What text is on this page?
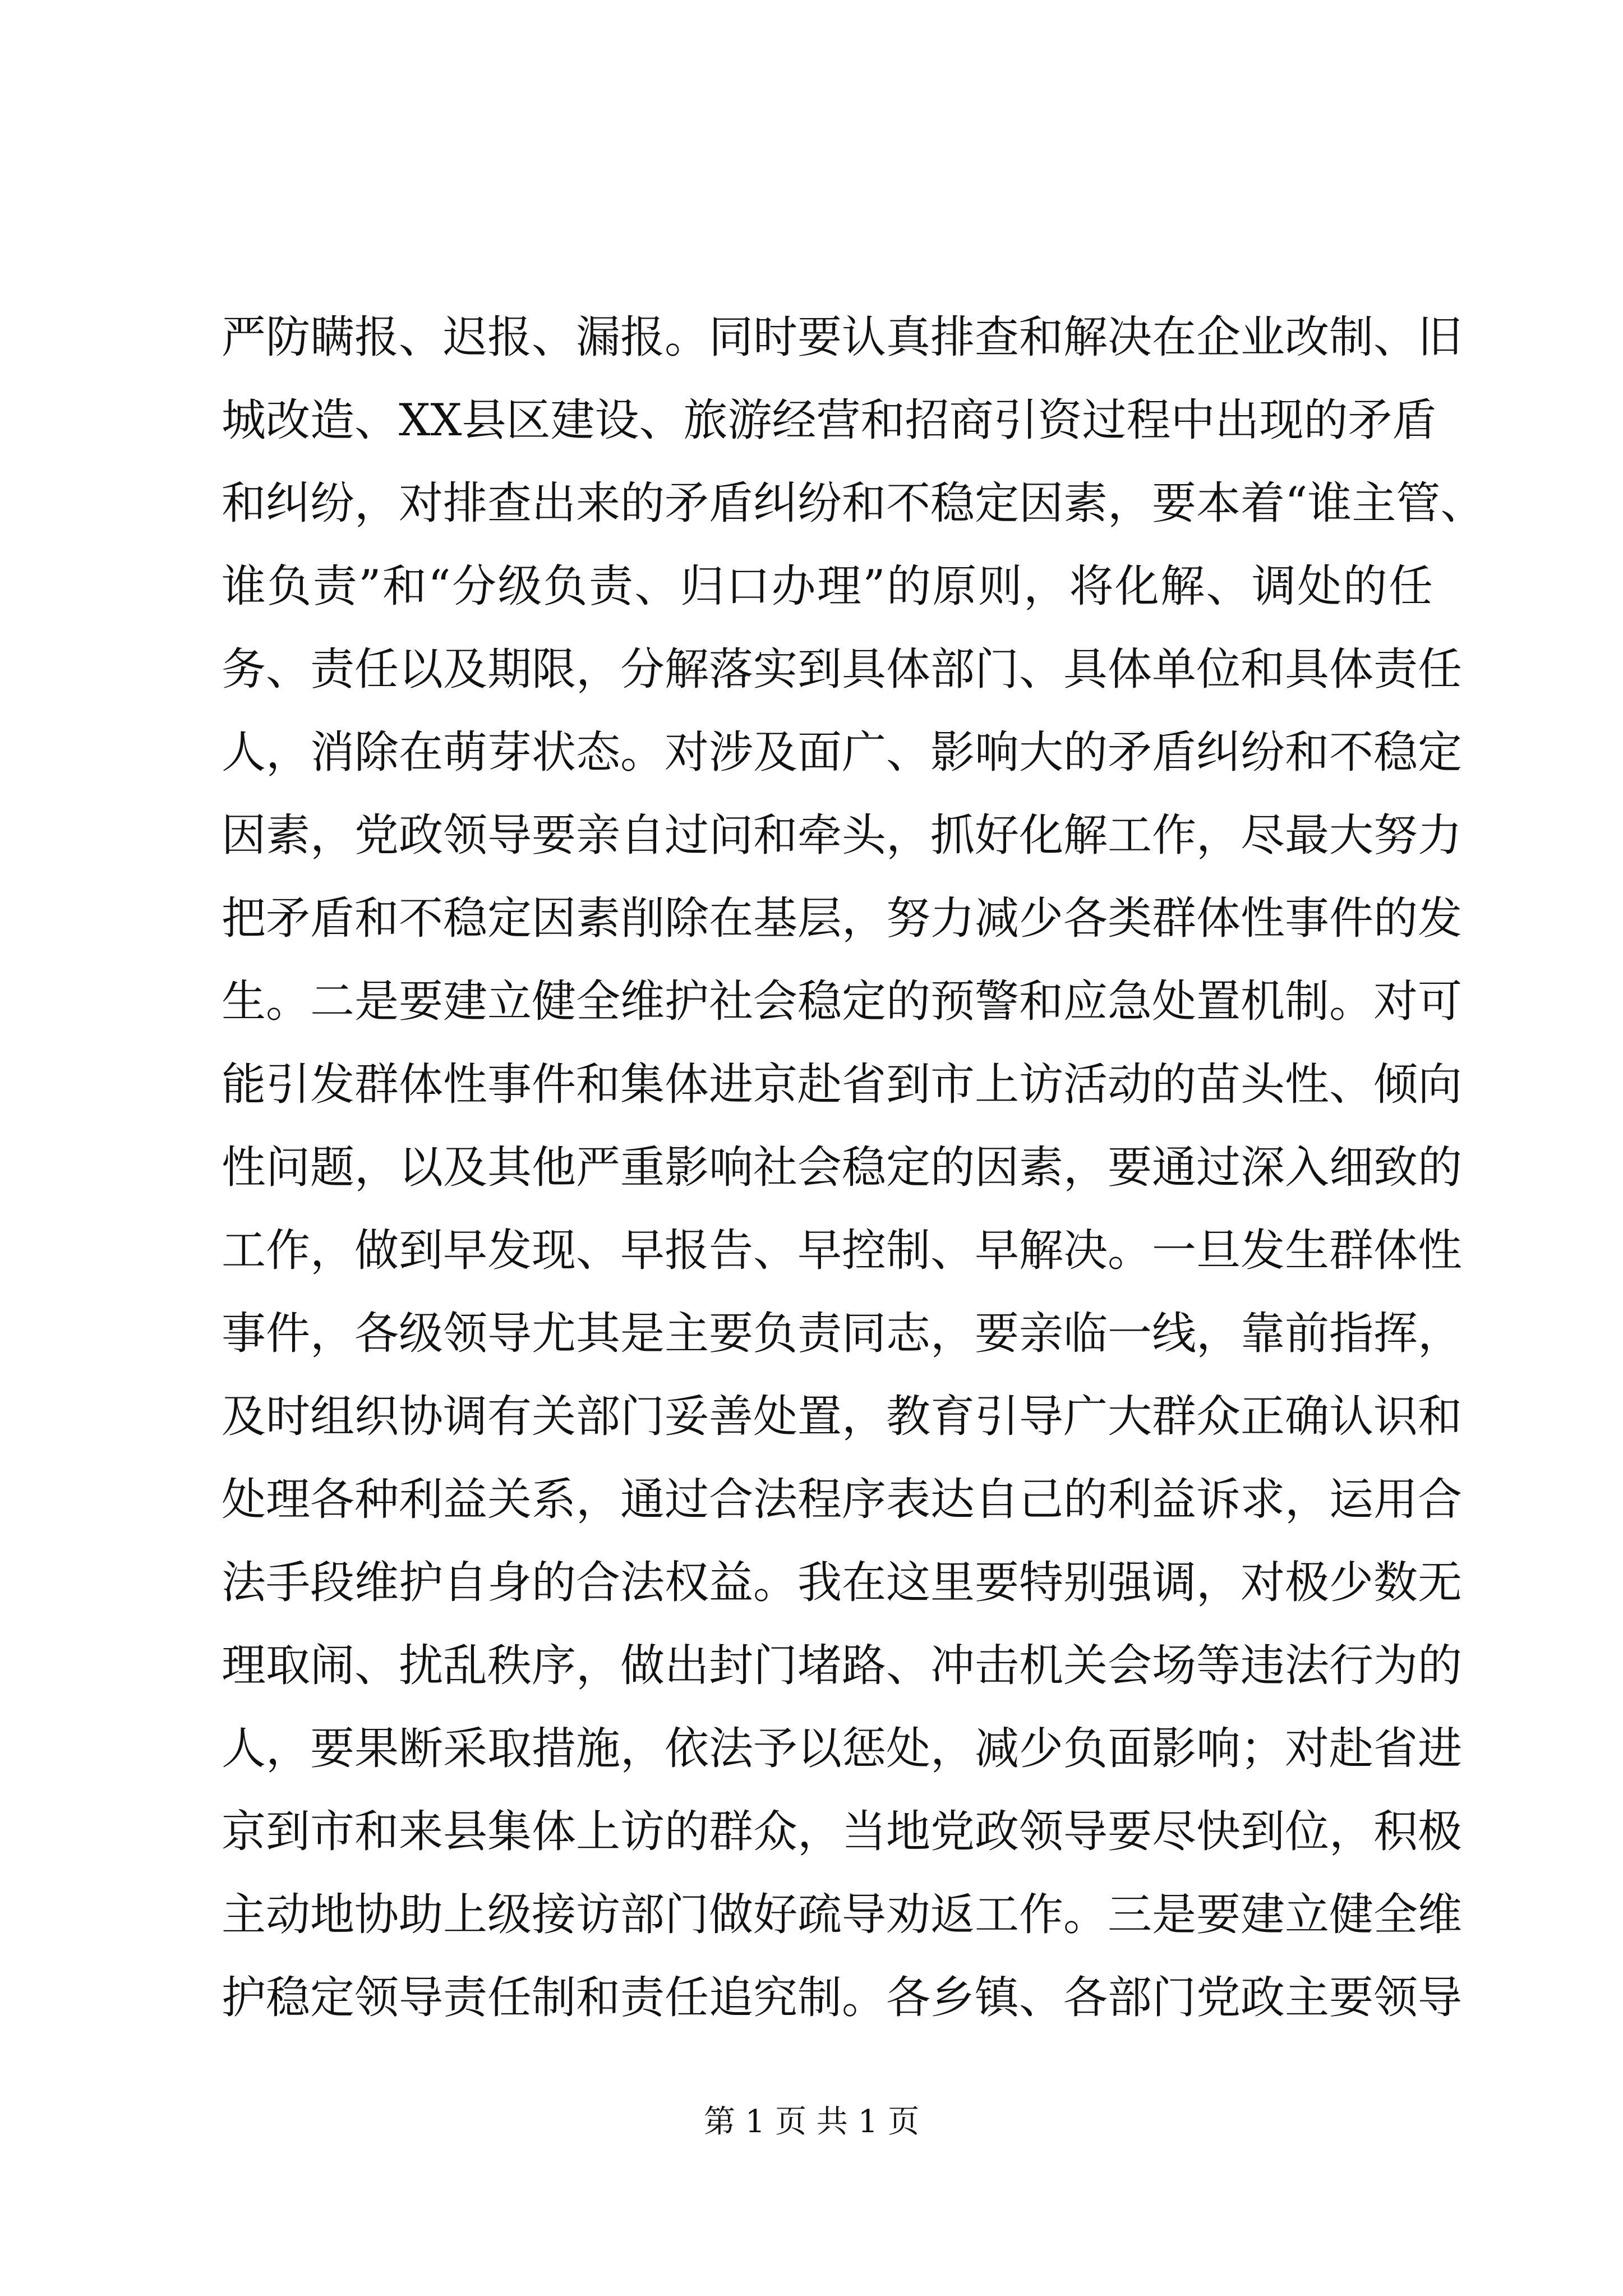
严防瞒报、迟报、漏报。同时要认真排查和解决在企业改制、旧
城改造、XX县区建设、旅游经营和招商引资过程中出现的矛盾
和纠纷，对排查出来的矛盾纠纷和不稳定因素，要本着“谁主管、
谁负责”和“分级负责、归口办理”的原则，将化解、调处的任
务、责任以及期限，分解落实到具体部门、具体单位和具体责任
人，消除在萌芽状态。对涉及面广、影响大的矛盾纠纷和不稳定
因素，党政领导要亲自过问和牵头，抓好化解工作，尽最大努力
把矛盾和不稳定因素削除在基层，努力减少各类群体性事件的发
生。二是要建立健全维护社会稳定的预警和应急处置机制。对可
能引发群体性事件和集体进京赴省到市上访活动的苗头性、倾向
性问题，以及其他严重影响社会稳定的因素，要通过深入细致的
工作，做到早发现、早报告、早控制、早解决。一旦发生群体性
事件，各级领导尤其是主要负责同志，要亲临一线，靠前指挥，
及时组织协调有关部门妥善处置，教育引导广大群众正确认识和
处理各种利益关系，通过合法程序表达自己的利益诉求，运用合
法手段维护自身的合法权益。我在这里要特别强调，对极少数无
理取闹、扰乱秩序，做出封门堵路、冲击机关会场等违法行为的
人，要果断采取措施，依法予以惩处，减少负面影响；对赴省进
京到市和来县集体上访的群众，当地党政领导要尽快到位，积极
主动地协助上级接访部门做好疏导劝返工作。三是要建立健全维
护稳定领导责任制和责任追究制。各乡镇、各部门党政主要领导
第 1 页 共 1 页
